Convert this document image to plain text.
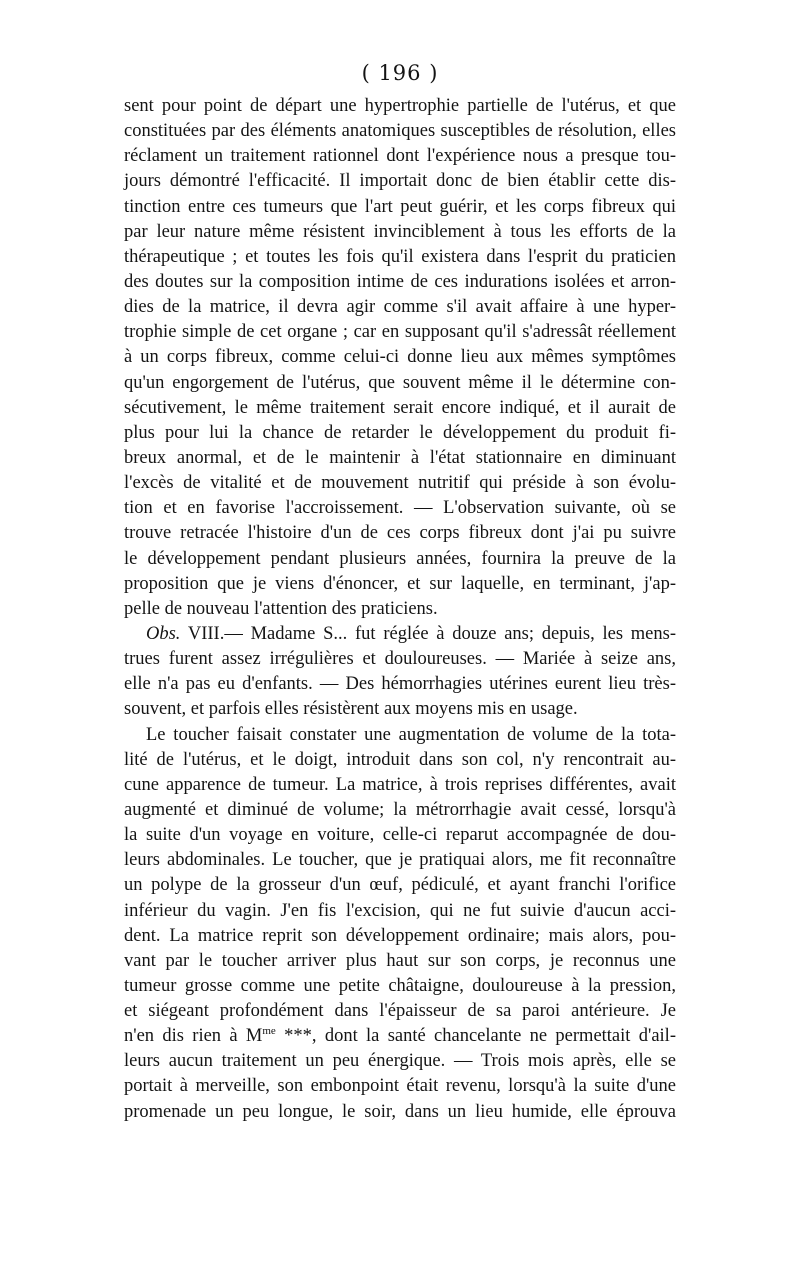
( 196 )
sent pour point de départ une hypertrophie partielle de l'utérus, et que
constituées par des éléments anatomiques susceptibles de résolution, elles
réclament un traitement rationnel dont l'expérience nous a presque tou-
jours démontré l'efficacité. Il importait donc de bien établir cette dis-
tinction entre ces tumeurs que l'art peut guérir, et les corps fibreux qui
par leur nature même résistent invinciblement à tous les efforts de la
thérapeutique ; et toutes les fois qu'il existera dans l'esprit du praticien
des doutes sur la composition intime de ces indurations isolées et arron-
dies de la matrice, il devra agir comme s'il avait affaire à une hyper-
trophie simple de cet organe ; car en supposant qu'il s'adressât réellement
à un corps fibreux, comme celui-ci donne lieu aux mêmes symptômes
qu'un engorgement de l'utérus, que souvent même il le détermine con-
sécutivement, le même traitement serait encore indiqué, et il aurait de
plus pour lui la chance de retarder le développement du produit fi-
breux anormal, et de le maintenir à l'état stationnaire en diminuant
l'excès de vitalité et de mouvement nutritif qui préside à son évolu-
tion et en favorise l'accroissement. — L'observation suivante, où se
trouve retracée l'histoire d'un de ces corps fibreux dont j'ai pu suivre
le développement pendant plusieurs années, fournira la preuve de la
proposition que je viens d'énoncer, et sur laquelle, en terminant, j'ap-
pelle de nouveau l'attention des praticiens.
Obs. VIII.— Madame S... fut réglée à douze ans; depuis, les mens-
trues furent assez irrégulières et douloureuses. — Mariée à seize ans,
elle n'a pas eu d'enfants. — Des hémorrhagies utérines eurent lieu très-
souvent, et parfois elles résistèrent aux moyens mis en usage.
Le toucher faisait constater une augmentation de volume de la tota-
lité de l'utérus, et le doigt, introduit dans son col, n'y rencontrait au-
cune apparence de tumeur. La matrice, à trois reprises différentes, avait
augmenté et diminué de volume; la métrorrhagie avait cessé, lorsqu'à
la suite d'un voyage en voiture, celle-ci reparut accompagnée de dou-
leurs abdominales. Le toucher, que je pratiquai alors, me fit reconnaître
un polype de la grosseur d'un œuf, pédiculé, et ayant franchi l'orifice
inférieur du vagin. J'en fis l'excision, qui ne fut suivie d'aucun acci-
dent. La matrice reprit son développement ordinaire; mais alors, pou-
vant par le toucher arriver plus haut sur son corps, je reconnus une
tumeur grosse comme une petite châtaigne, douloureuse à la pression,
et siégeant profondément dans l'épaisseur de sa paroi antérieure. Je
n'en dis rien à $M^{me}$ ***, dont la santé chancelante ne permettait d'ail-
leurs aucun traitement un peu énergique. — Trois mois après, elle se
portait à merveille, son embonpoint était revenu, lorsqu'à la suite d'une
promenade un peu longue, le soir, dans un lieu humide, elle éprouva
